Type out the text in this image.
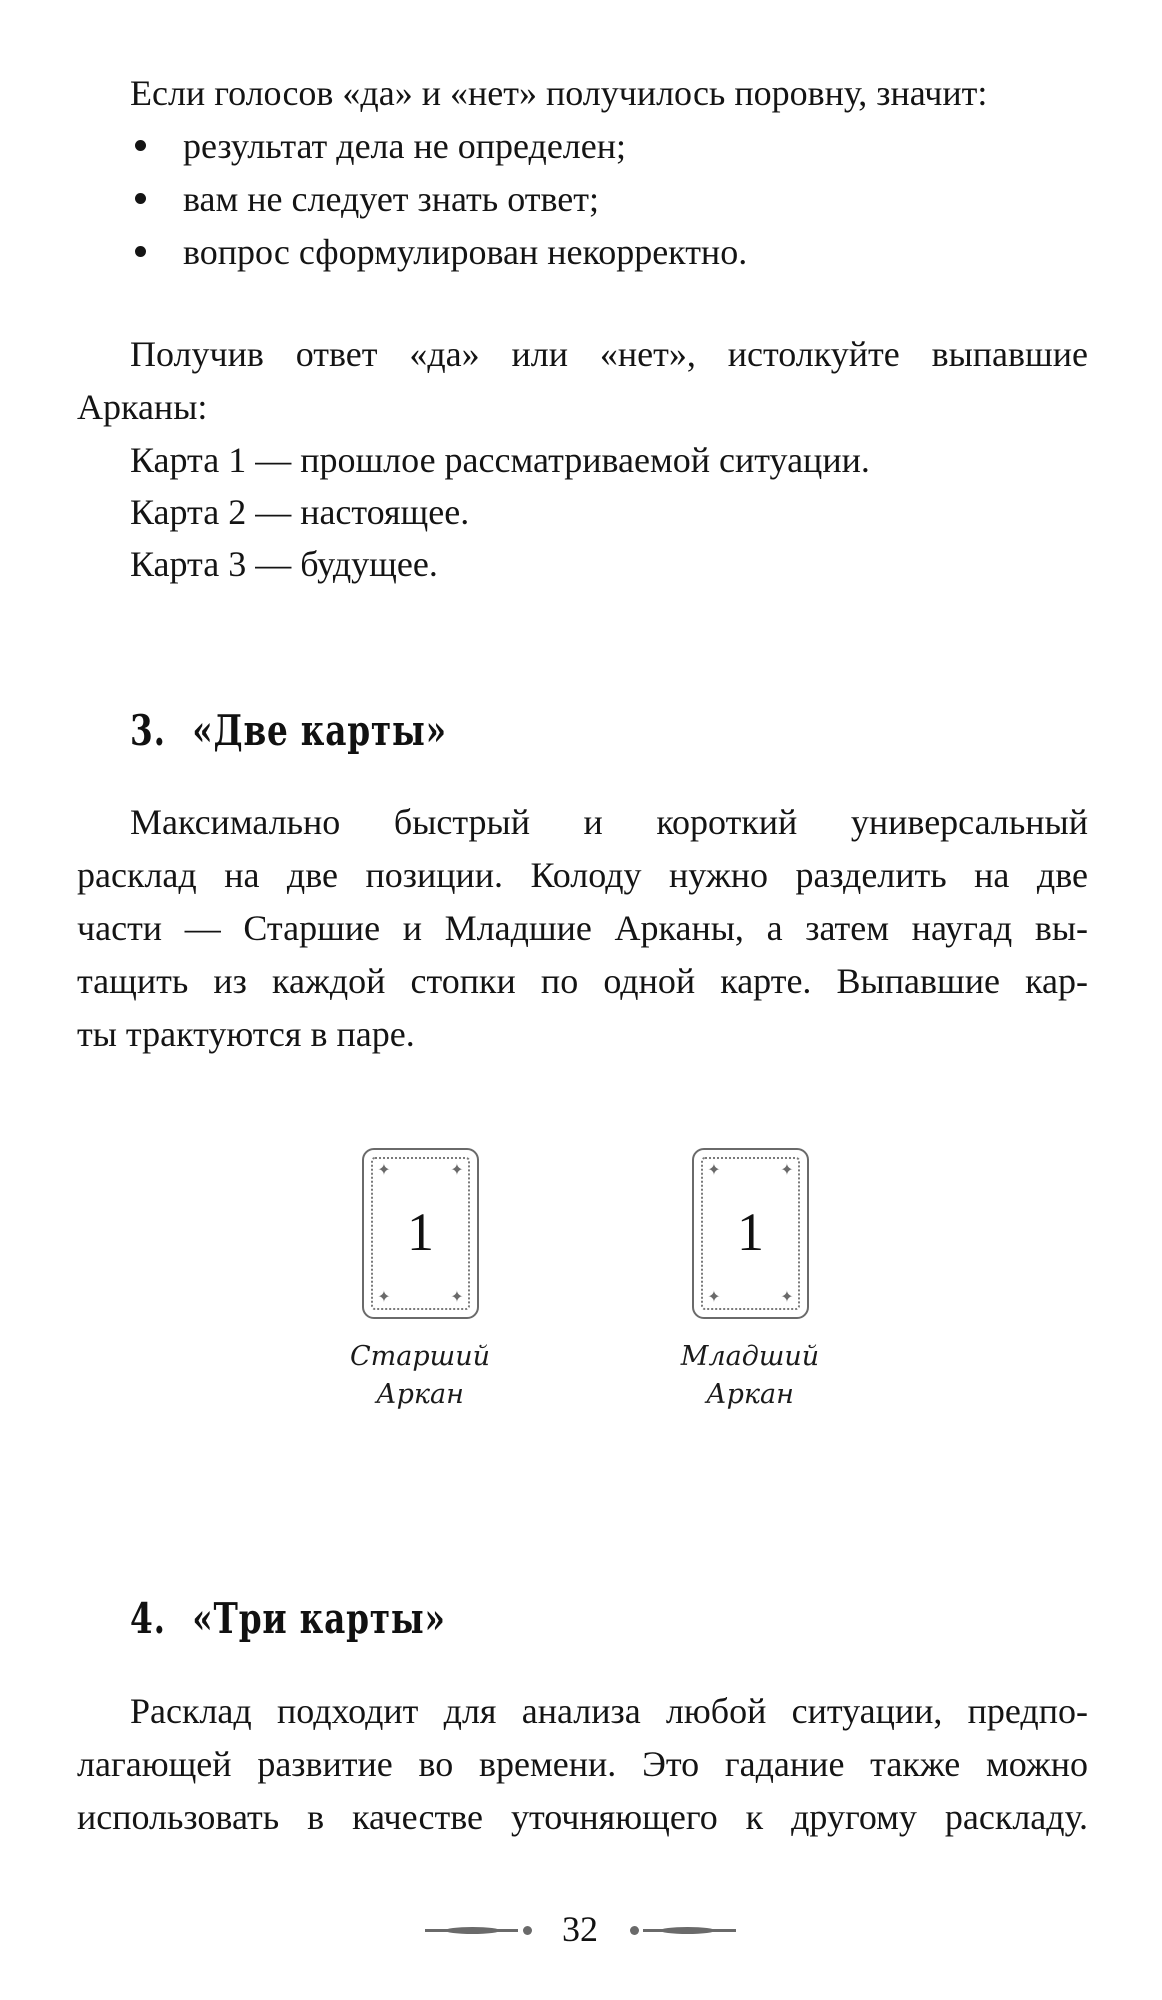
Если голосов «да» и «нет» получилось поровну, значит:
результат дела не определен;
вам не следует знать ответ;
вопрос сформулирован некорректно.
Получив ответ «да» или «нет», истолкуйте выпавшие
Арканы:
Карта 1 — прошлое рассматриваемой ситуации.
Карта 2 — настоящее.
Карта 3 — будущее.
3. «Две карты»
Максимально быстрый и короткий универсальный
расклад на две позиции. Колоду нужно разделить на две
части — Старшие и Младшие Арканы, а затем наугад вы-
тащить из каждой стопки по одной карте. Выпавшие кар-
ты трактуются в паре.
✦	✦
✦	✦
1
Старший
Аркан
✦	✦
✦	✦
1
Младший
Аркан
4. «Три карты»
Расклад подходит для анализа любой ситуации, предпо-
лагающей развитие во времени. Это гадание также можно
использовать в качестве уточняющего к другому раскладу.
32
